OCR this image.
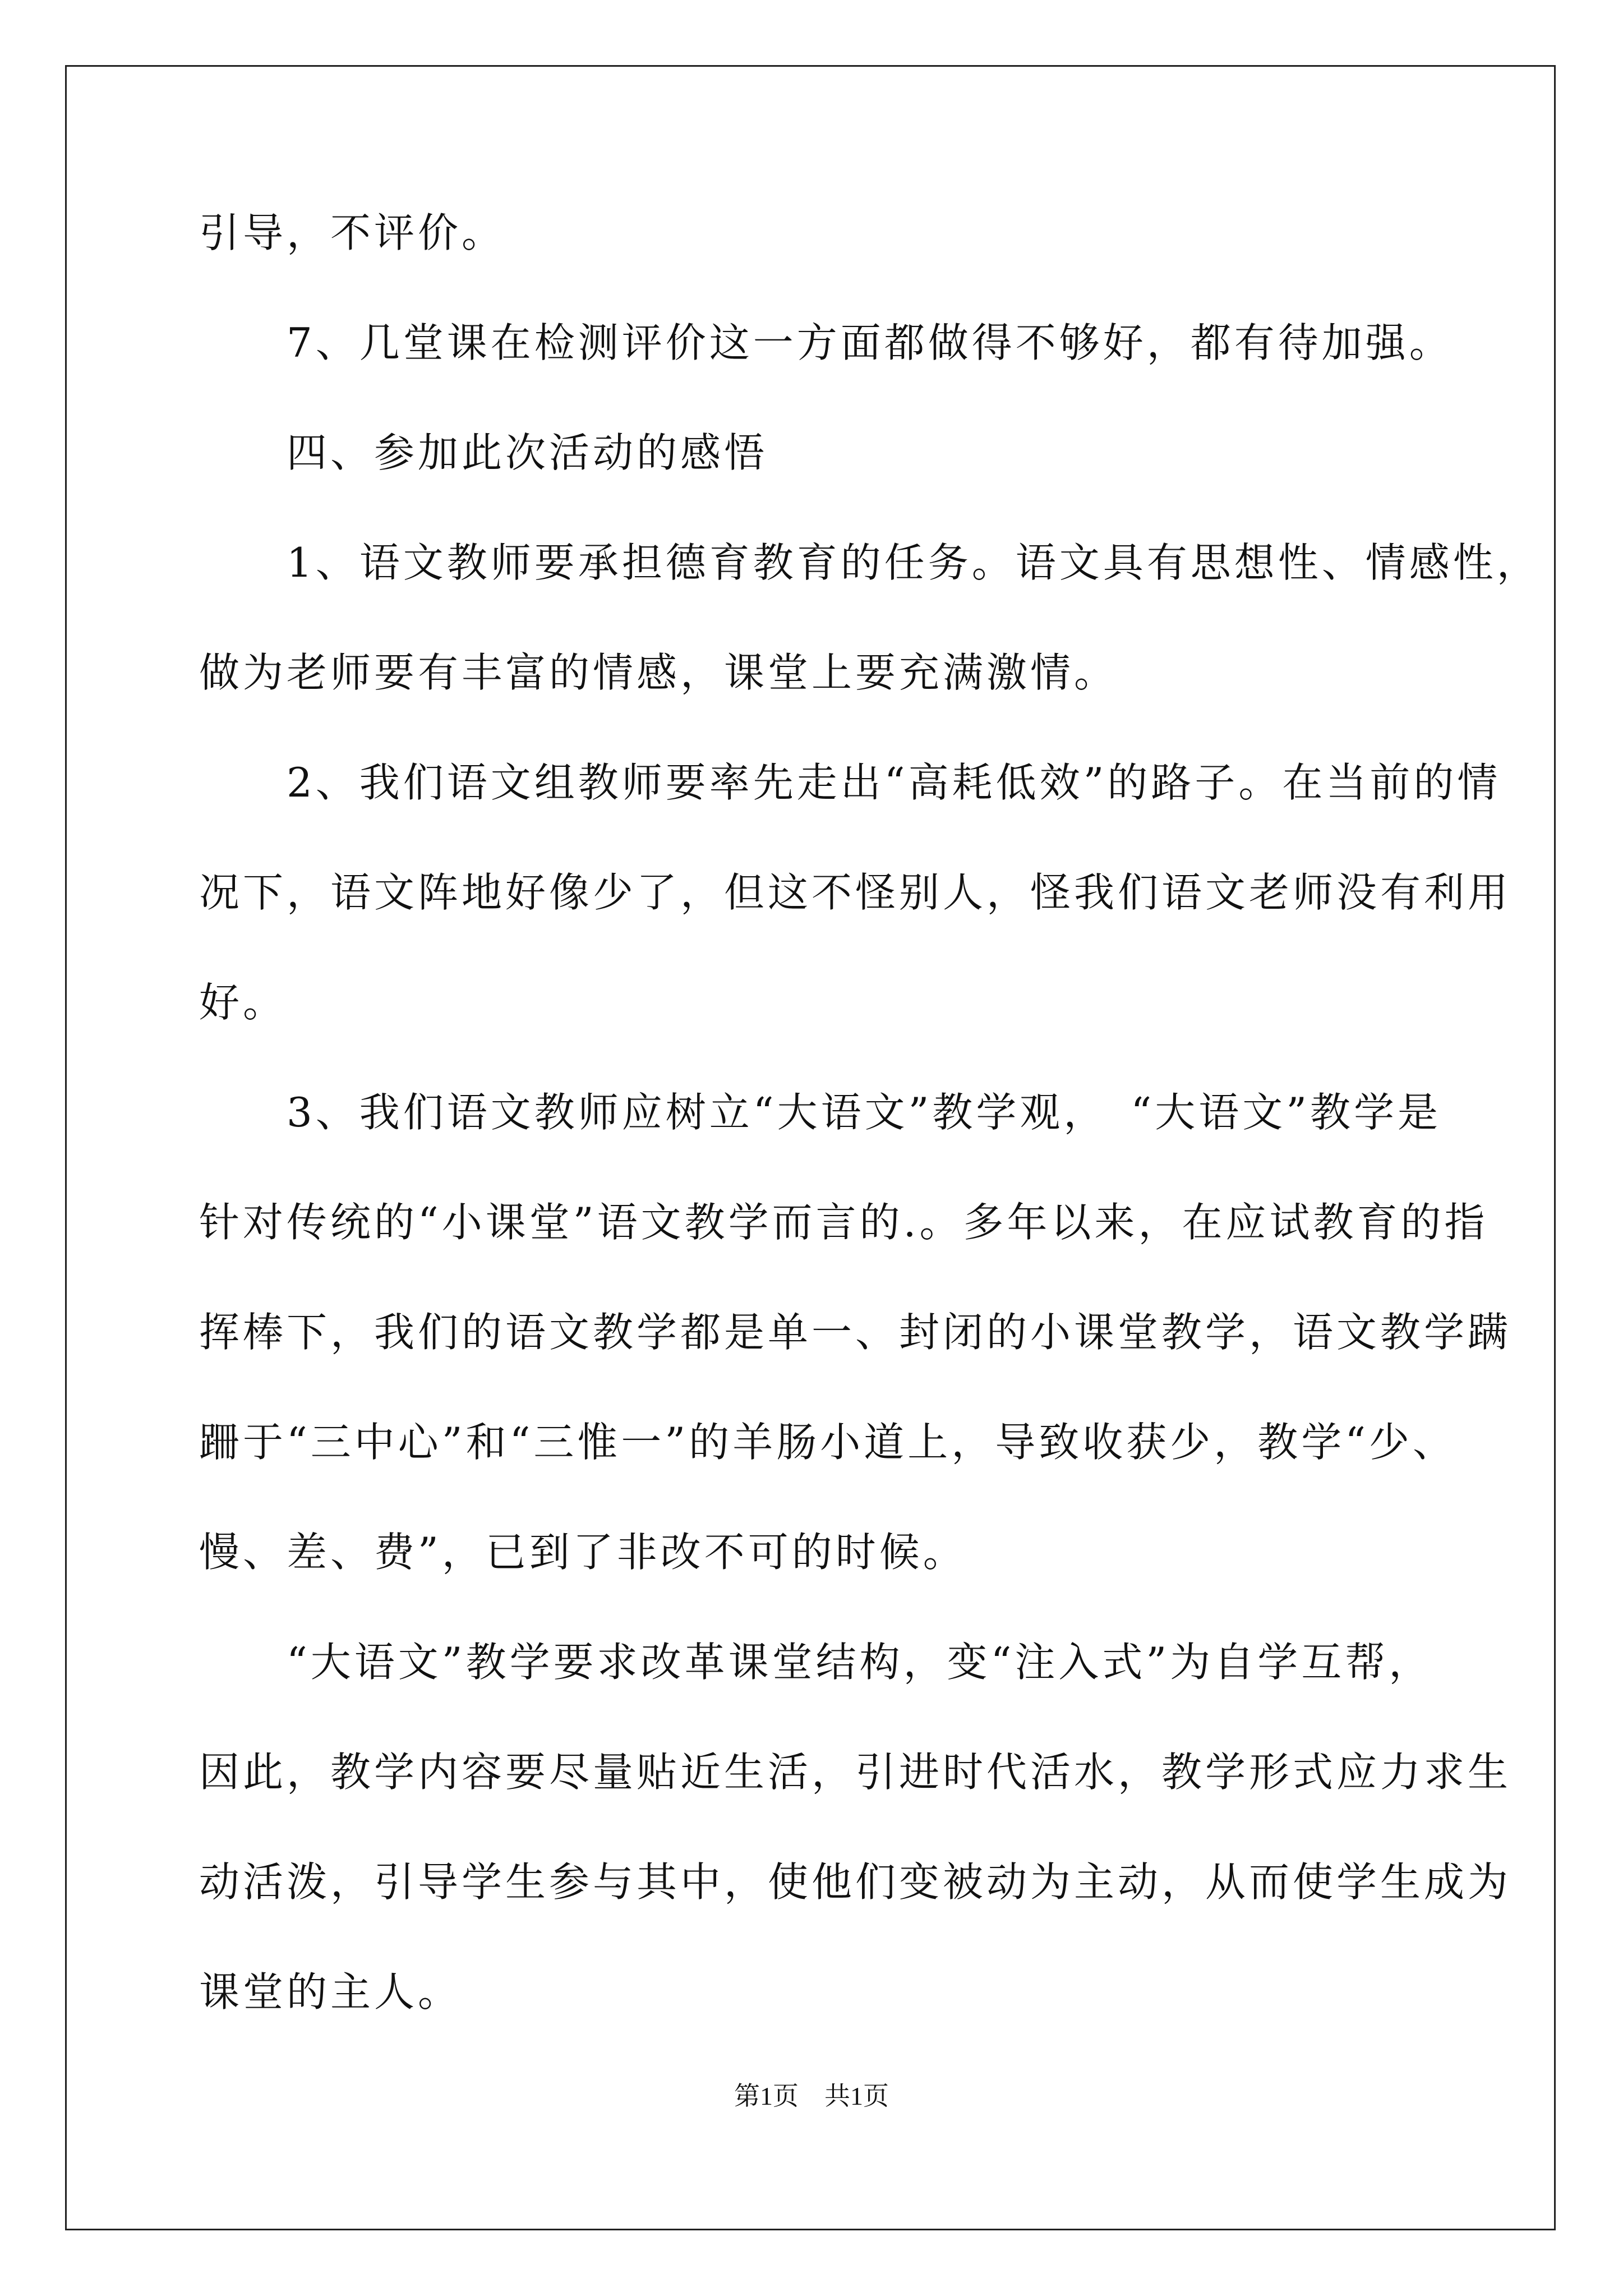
引导，不评价。
　　7、几堂课在检测评价这一方面都做得不够好，都有待加强。
　　四、参加此次活动的感悟
　　1、语文教师要承担德育教育的任务。语文具有思想性、情感性，
做为老师要有丰富的情感，课堂上要充满激情。
　　2、我们语文组教师要率先走出“高耗低效”的路子。在当前的情
况下，语文阵地好像少了，但这不怪别人，怪我们语文老师没有利用
好。
　　3、我们语文教师应树立“大语文”教学观，　“大语文”教学是
针对传统的“小课堂”语文教学而言的.。多年以来，在应试教育的指
挥棒下，我们的语文教学都是单一、封闭的小课堂教学，语文教学蹒
跚于“三中心”和“三惟一”的羊肠小道上，导致收获少，教学“少、
慢、差、费”，已到了非改不可的时候。
　　“大语文”教学要求改革课堂结构，变“注入式”为自学互帮，
因此，教学内容要尽量贴近生活，引进时代活水，教学形式应力求生
动活泼，引导学生参与其中，使他们变被动为主动，从而使学生成为
课堂的主人。
第1页　共1页
